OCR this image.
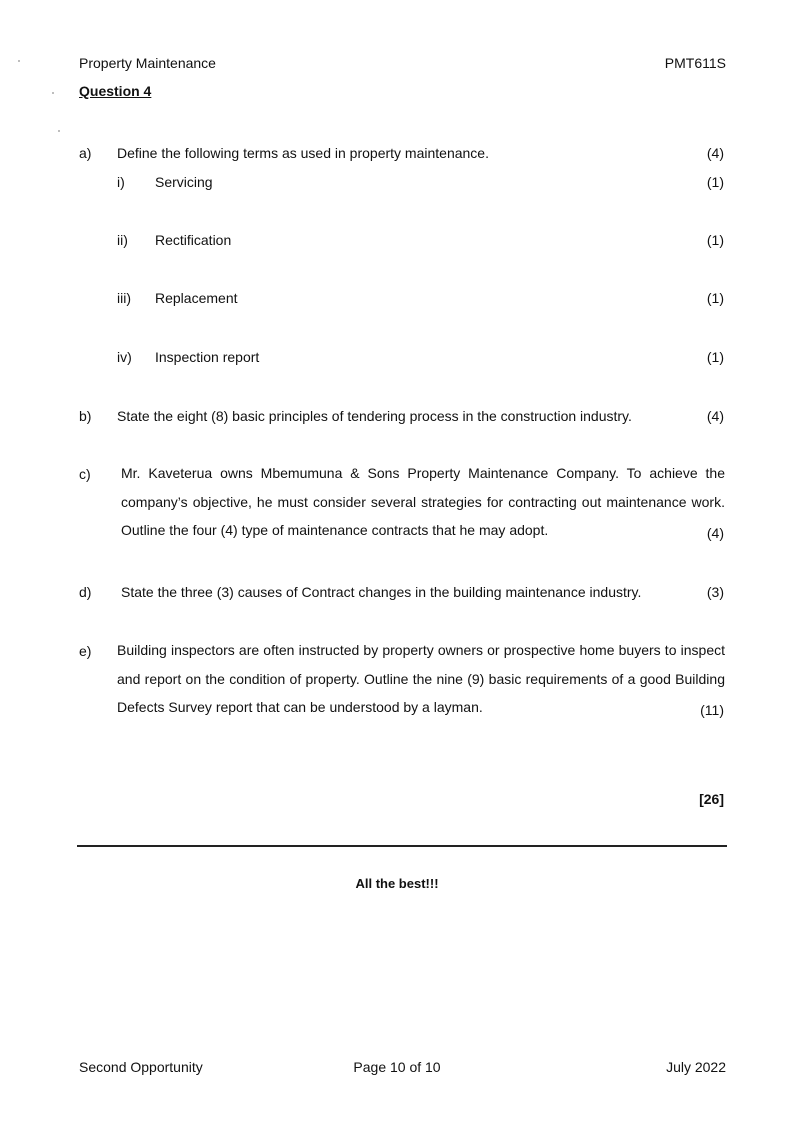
Property Maintenance	PMT611S
Question 4
a) Define the following terms as used in property maintenance.	(4)
i) Servicing	(1)
ii) Rectification	(1)
iii) Replacement	(1)
iv) Inspection report	(1)
b) State the eight (8) basic principles of tendering process in the construction industry.	(4)
c) Mr. Kaveterua owns Mbemumuna & Sons Property Maintenance Company. To achieve the company’s objective, he must consider several strategies for contracting out maintenance work. Outline the four (4) type of maintenance contracts that he may adopt.	(4)
d) State the three (3) causes of Contract changes in the building maintenance industry.	(3)
e) Building inspectors are often instructed by property owners or prospective home buyers to inspect and report on the condition of property. Outline the nine (9) basic requirements of a good Building Defects Survey report that can be understood by a layman.	(11)
[26]
All the best!!!
Second Opportunity	Page 10 of 10	July 2022
